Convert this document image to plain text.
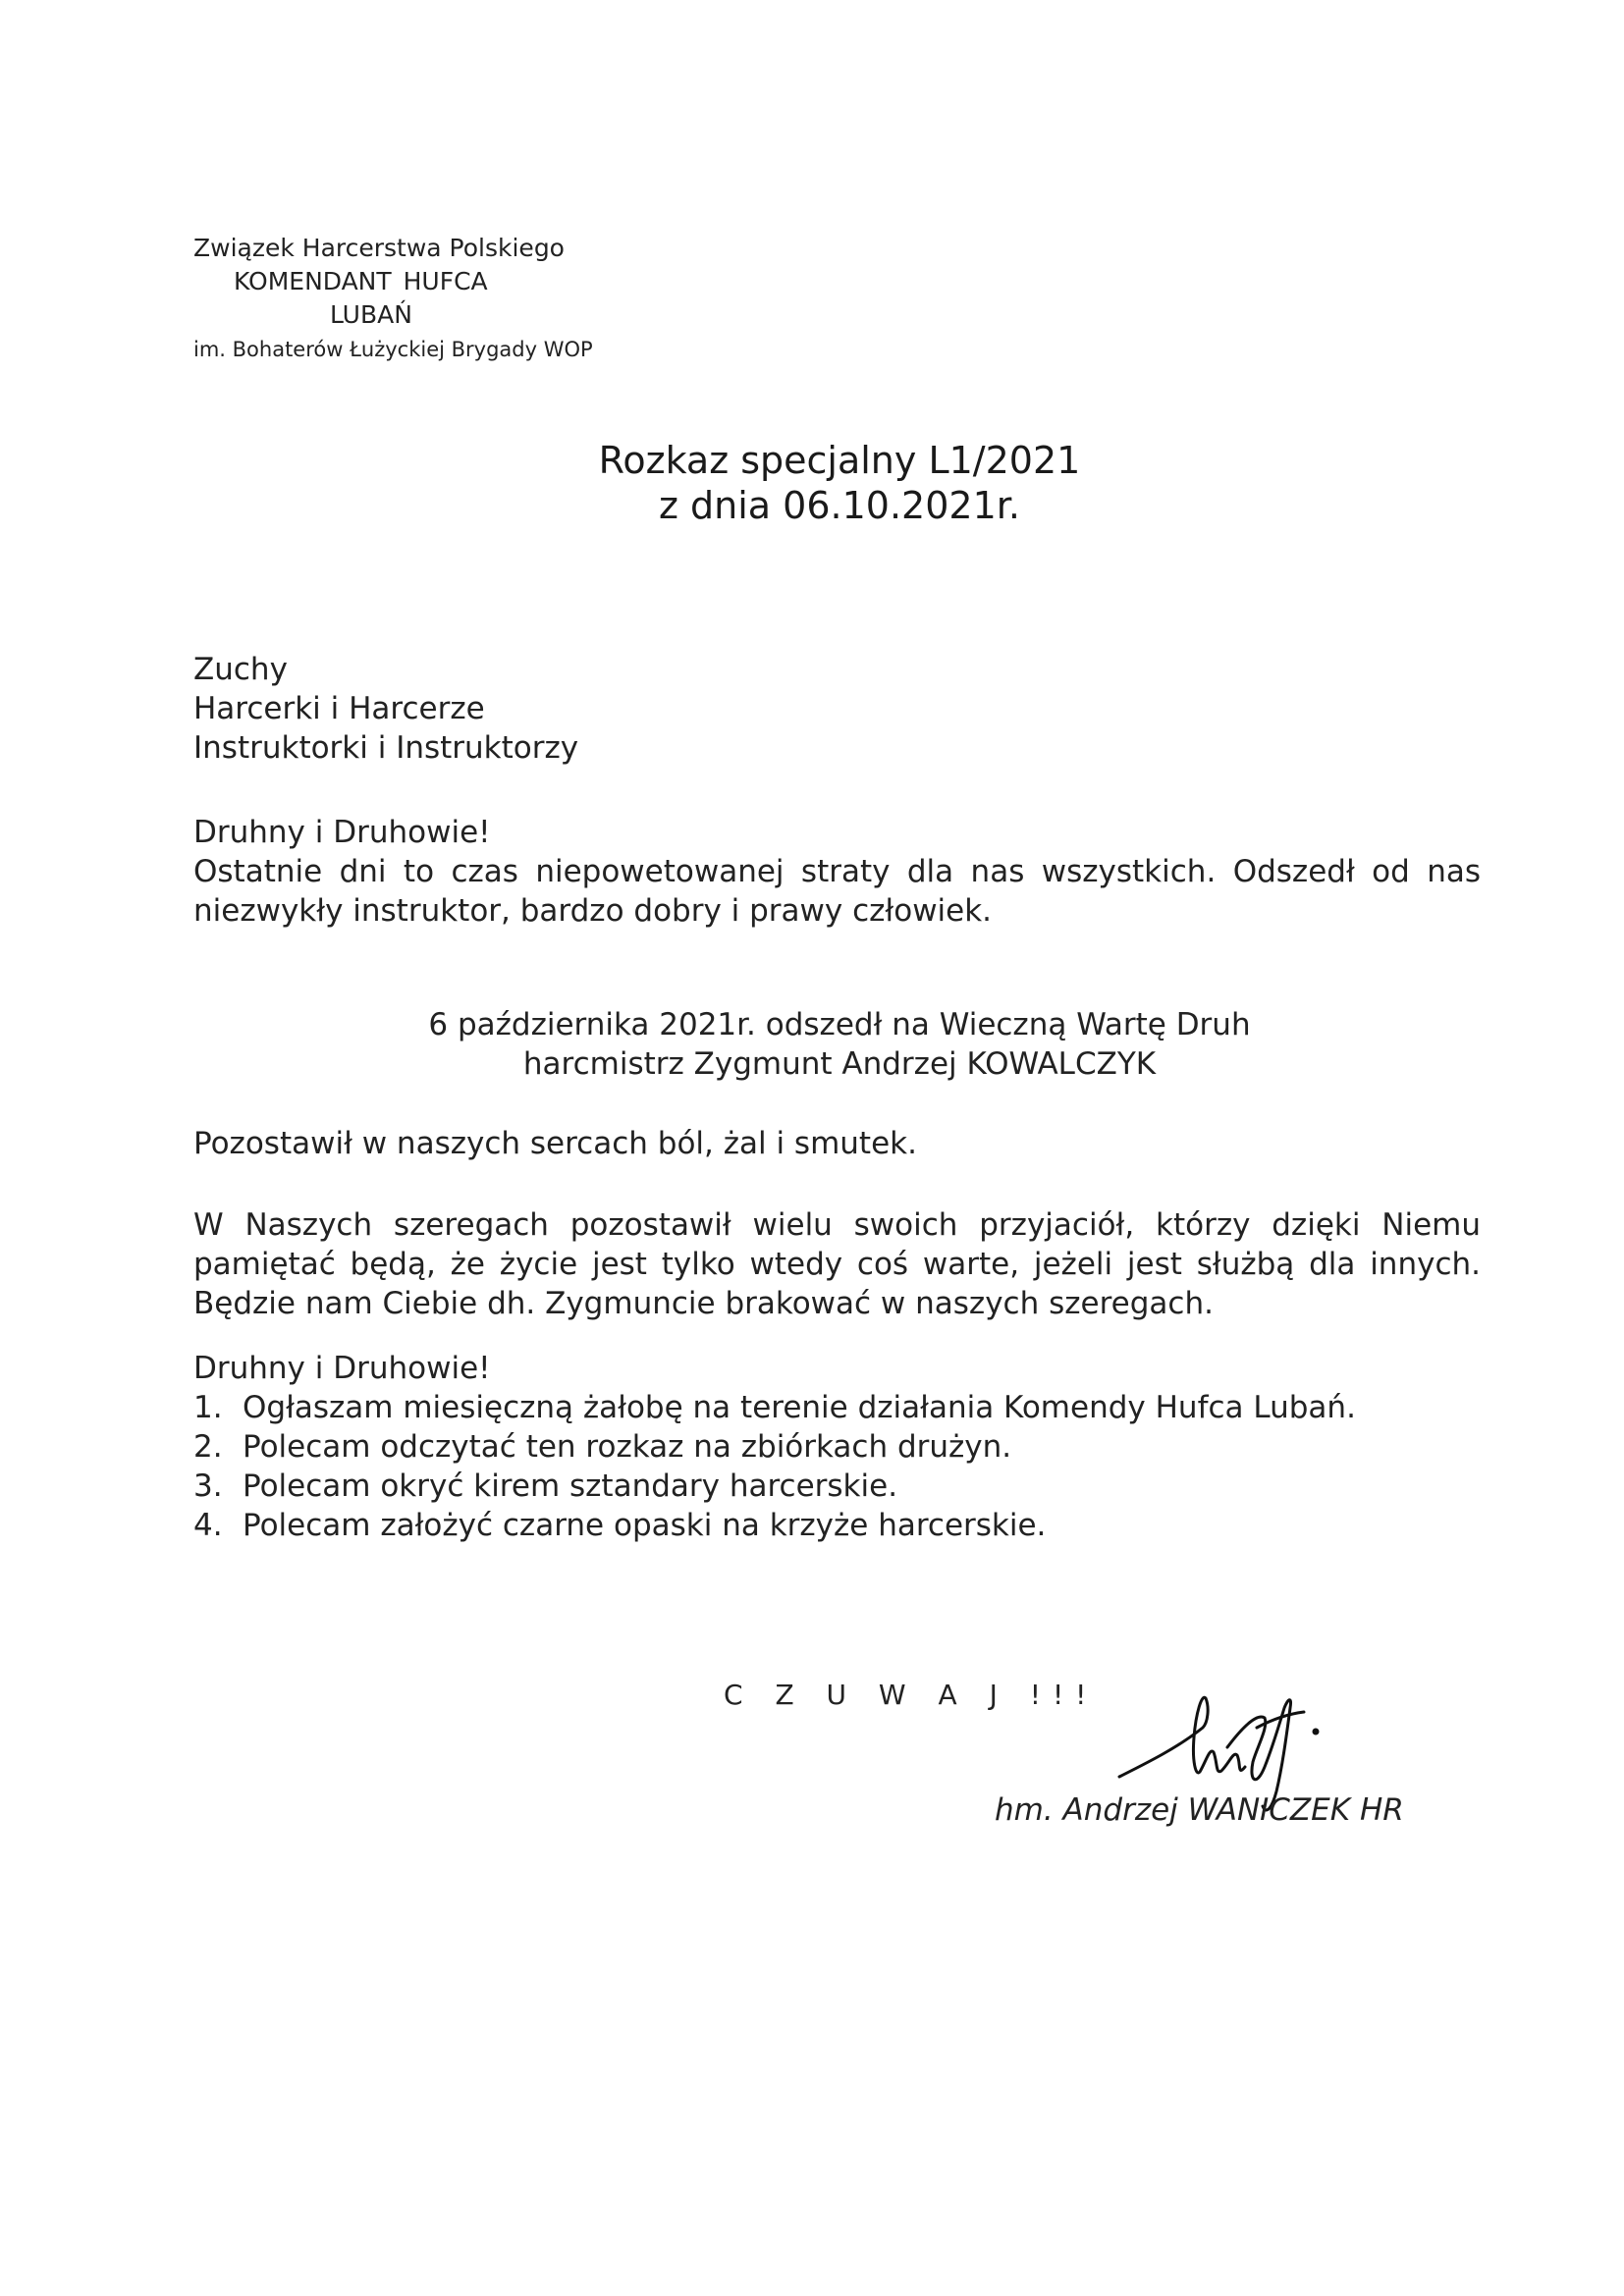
Związek Harcerstwa Polskiego
KOMENDANT HUFCA
LUBAŃ
im. Bohaterów Łużyckiej Brygady WOP
Rozkaz specjalny L1/2021
z dnia 06.10.2021r.
Zuchy
Harcerki i Harcerze
Instruktorki i Instruktorzy
Druhny i Druhowie!
Ostatnie dni to czas niepowetowanej straty dla nas wszystkich. Odszedł od nas
niezwykły instruktor, bardzo dobry i prawy człowiek.
6 października 2021r. odszedł na Wieczną Wartę Druh
harcmistrz Zygmunt Andrzej KOWALCZYK
Pozostawił w naszych sercach ból, żal i smutek.
W Naszych szeregach pozostawił wielu swoich przyjaciół, którzy dzięki Niemu
pamiętać będą, że życie jest tylko wtedy coś warte, jeżeli jest służbą dla innych.
Będzie nam Ciebie dh. Zygmuncie brakować w naszych szeregach.
Druhny i Druhowie!
1. Ogłaszam miesięczną żałobę na terenie działania Komendy Hufca Lubań.
2. Polecam odczytać ten rozkaz na zbiórkach drużyn.
3. Polecam okryć kirem sztandary harcerskie.
4. Polecam założyć czarne opaski na krzyże harcerskie.
C Z U W A J !!!
hm. Andrzej WANICZEK HR
